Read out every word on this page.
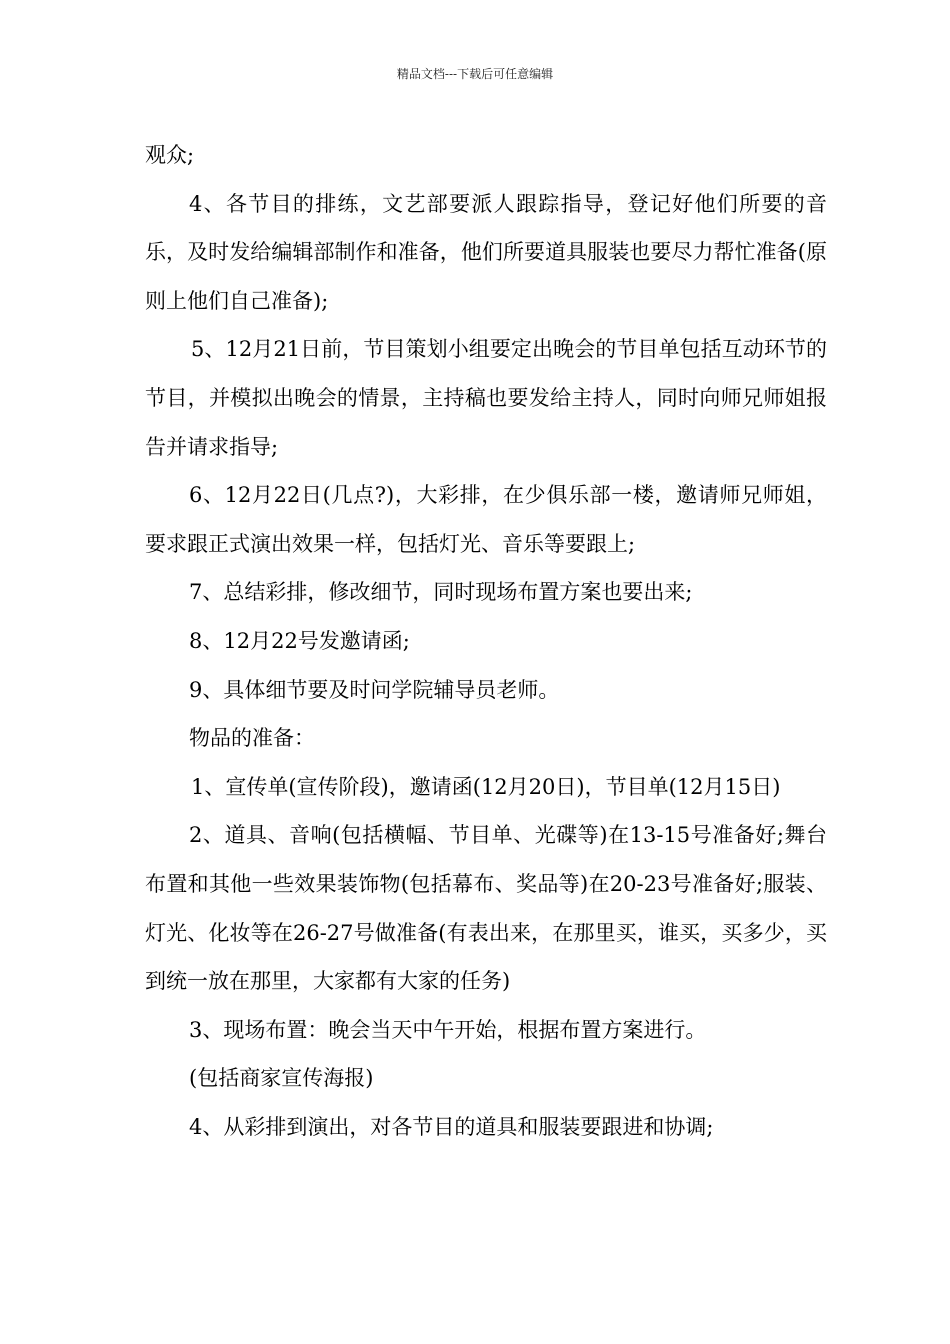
精品文档---下载后可任意编辑

观众;

4、各节目的排练，文艺部要派人跟踪指导，登记好他们所要的音乐，及时发给编辑部制作和准备，他们所要道具服装也要尽力帮忙准备(原则上他们自己准备);

5、12月21日前，节目策划小组要定出晚会的节目单包括互动环节的节目，并模拟出晚会的情景，主持稿也要发给主持人，同时向师兄师姐报告并请求指导;

6、12月22日(几点?)，大彩排，在少俱乐部一楼，邀请师兄师姐，要求跟正式演出效果一样，包括灯光、音乐等要跟上;

7、总结彩排，修改细节，同时现场布置方案也要出来;

8、12月22号发邀请函;

9、具体细节要及时问学院辅导员老师。

物品的准备：

1、宣传单(宣传阶段)，邀请函(12月20日)，节目单(12月15日)

2、道具、音响(包括横幅、节目单、光碟等)在13-15号准备好;舞台布置和其他一些效果装饰物(包括幕布、奖品等)在20-23号准备好;服装、灯光、化妆等在26-27号做准备(有表出来，在那里买，谁买，买多少，买到统一放在那里，大家都有大家的任务)

3、现场布置：晚会当天中午开始，根据布置方案进行。

(包括商家宣传海报)

4、从彩排到演出，对各节目的道具和服装要跟进和协调;
